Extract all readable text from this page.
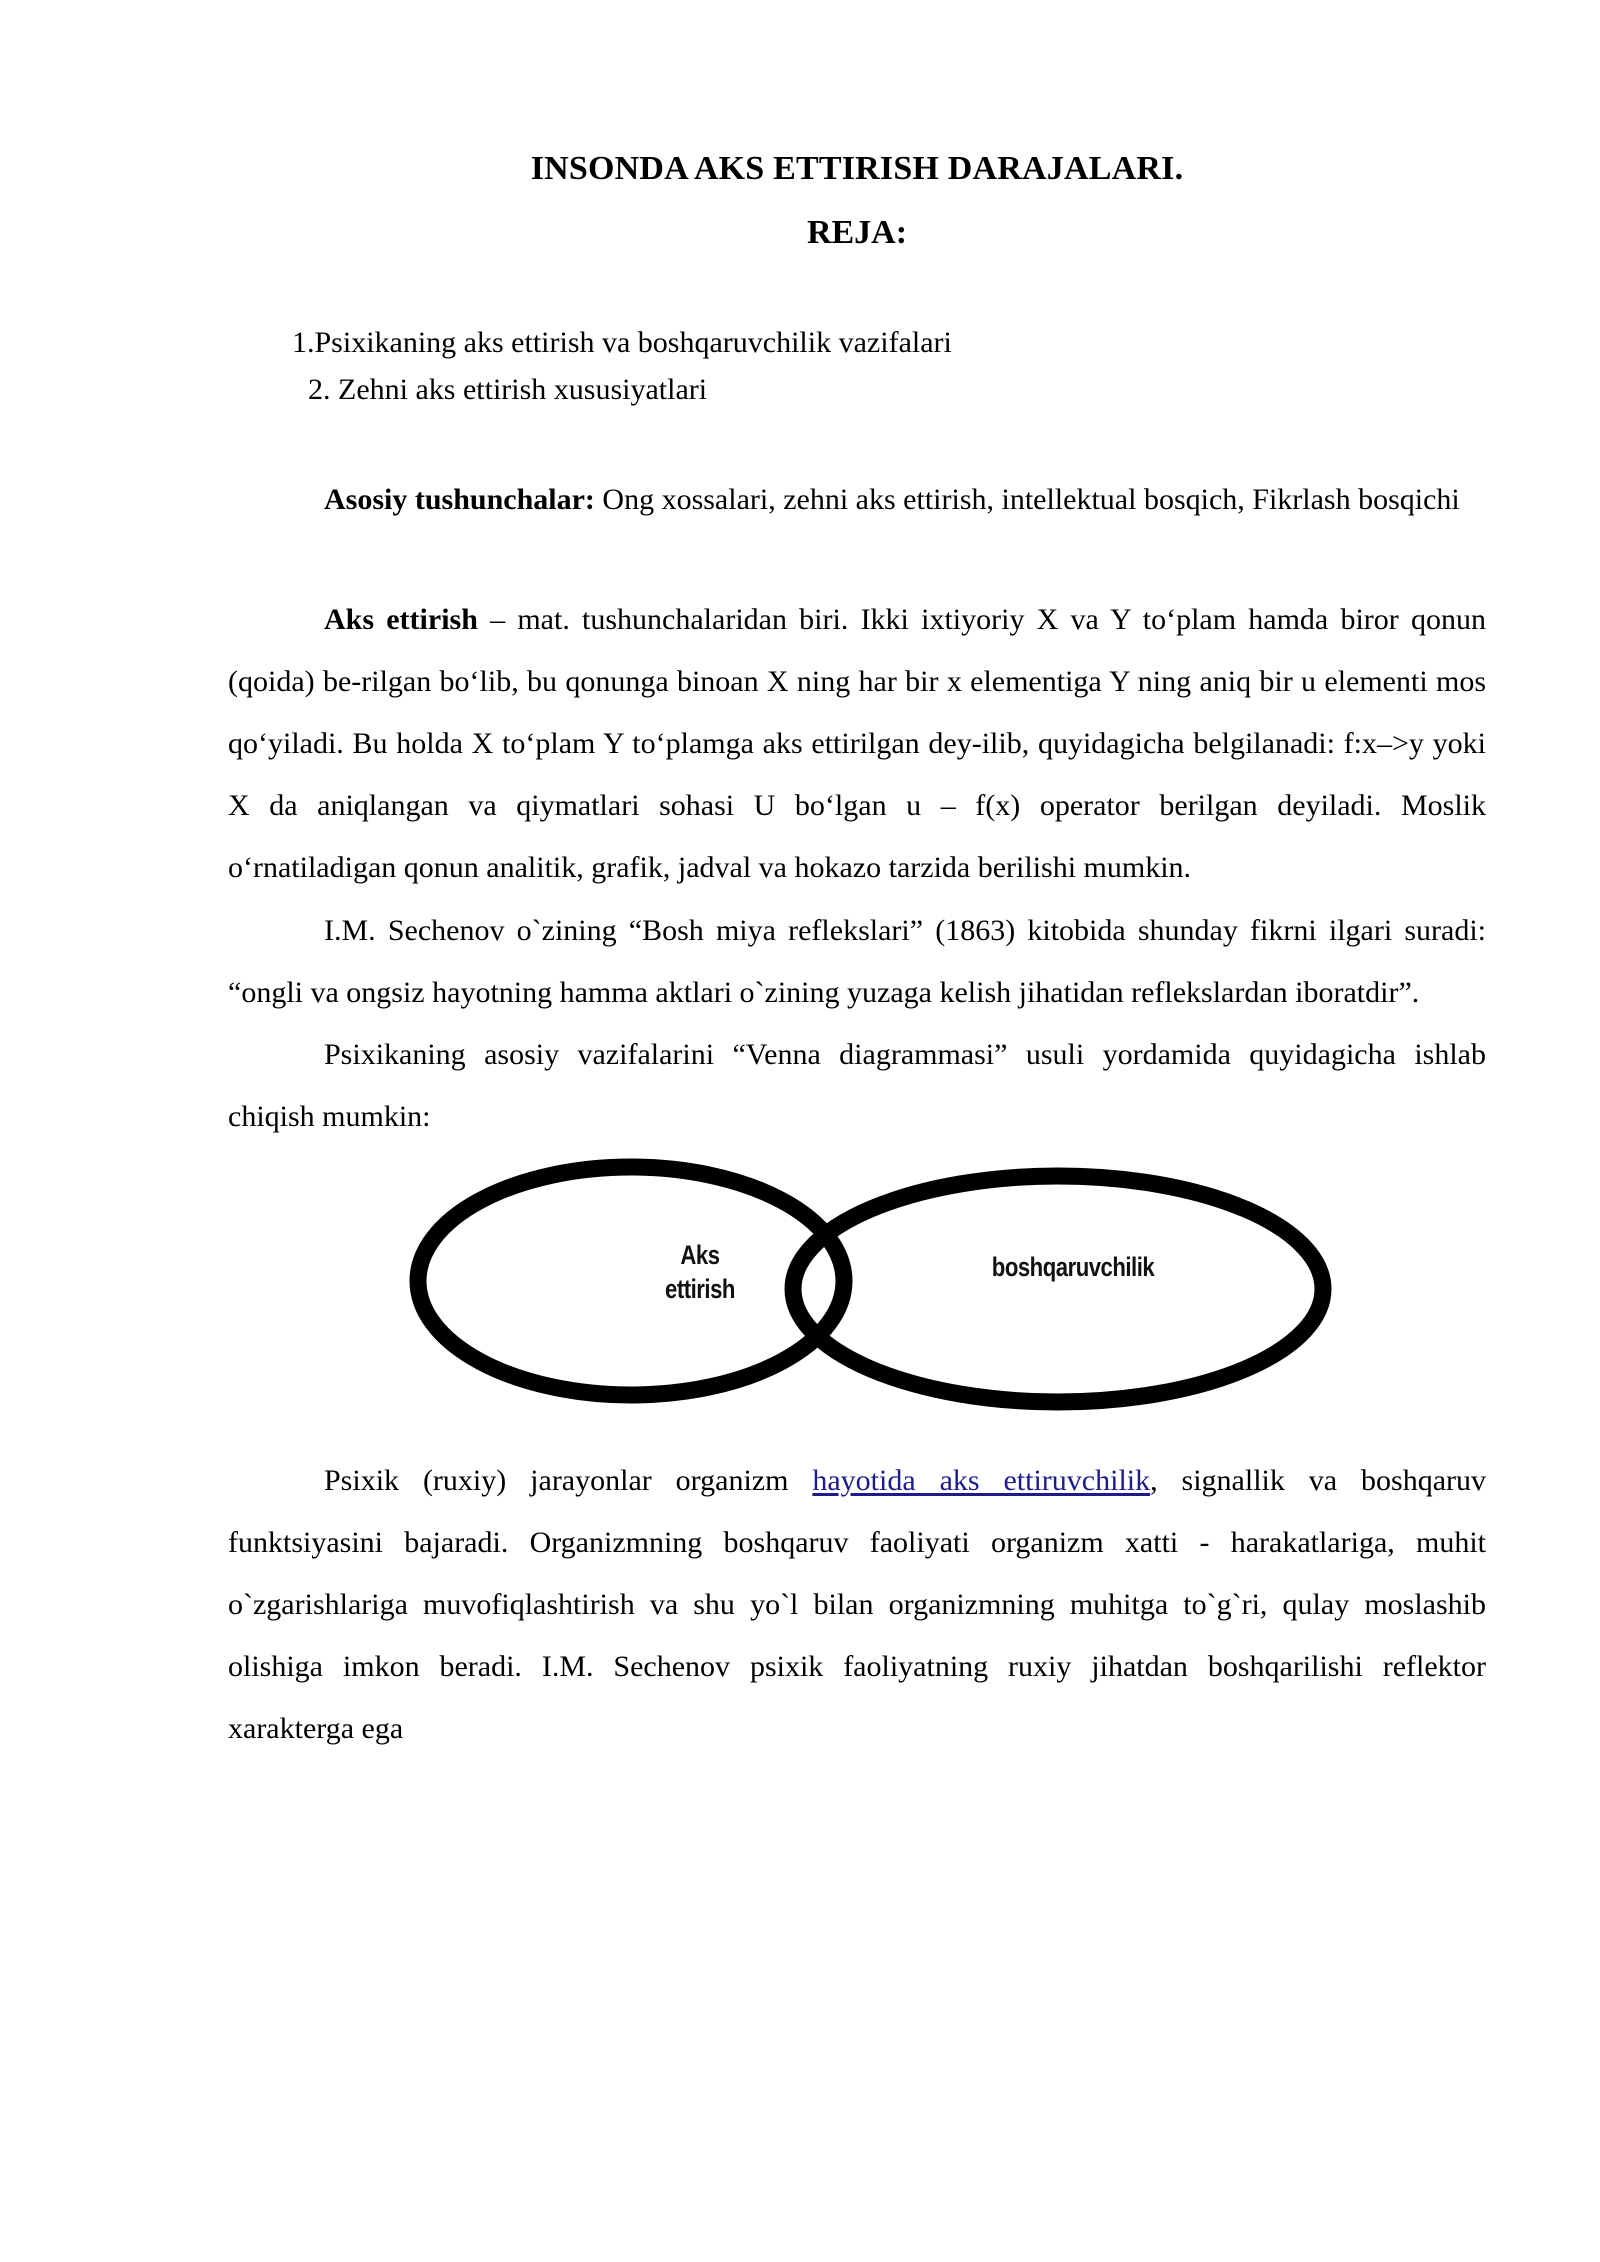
INSONDA AKS ETTIRISH DARAJALARI.
REJA:
1.Psixikaning aks ettirish va boshqaruvchilik vazifalari
2. Zehni aks ettirish xususiyatlari

Asosiy tushunchalar: Ong xossalari, zehni aks ettirish, intellektual bosqich, Fikrlash bosqichi

Aks ettirish – mat. tushunchalaridan biri. Ikki ixtiyoriy X va Y to‘plam hamda biror qonun (qoida) be-rilgan bo‘lib, bu qonunga binoan X ning har bir x elementiga Y ning aniq bir u elementi mos qo‘yiladi. Bu holda X to‘plam Y to‘plamga aks ettirilgan dey-ilib, quyidagicha belgilanadi: f:x–>y yoki X da aniqlangan va qiymatlari sohasi U bo‘lgan u – f(x) operator berilgan deyiladi. Moslik o‘rnatiladigan qonun analitik, grafik, jadval va hokazo tarzida berilishi mumkin.

I.M. Sechenov o`zining “Bosh miya reflekslari” (1863) kitobida shunday fikrni ilgari suradi: “ongli va ongsiz hayotning hamma aktlari o`zining yuzaga kelish jihatidan reflekslardan iboratdir”.

Psixikaning asosiy vazifalarini “Venna diagrammasi” usuli yordamida quyidagicha ishlab chiqish mumkin:

Aks
ettirish
boshqaruvchilik

Psixik (ruxiy) jarayonlar organizm hayotida aks ettiruvchilik, signallik va boshqaruv funktsiyasini bajaradi. Organizmning boshqaruv faoliyati organizm xatti - harakatlariga, muhit o`zgarishlariga muvofiqlashtirish va shu yo`l bilan organizmning muhitga to`g`ri, qulay moslashib olishiga imkon beradi. I.M. Sechenov psixik faoliyatning ruxiy jihatdan boshqarilishi reflektor xarakterga ega
